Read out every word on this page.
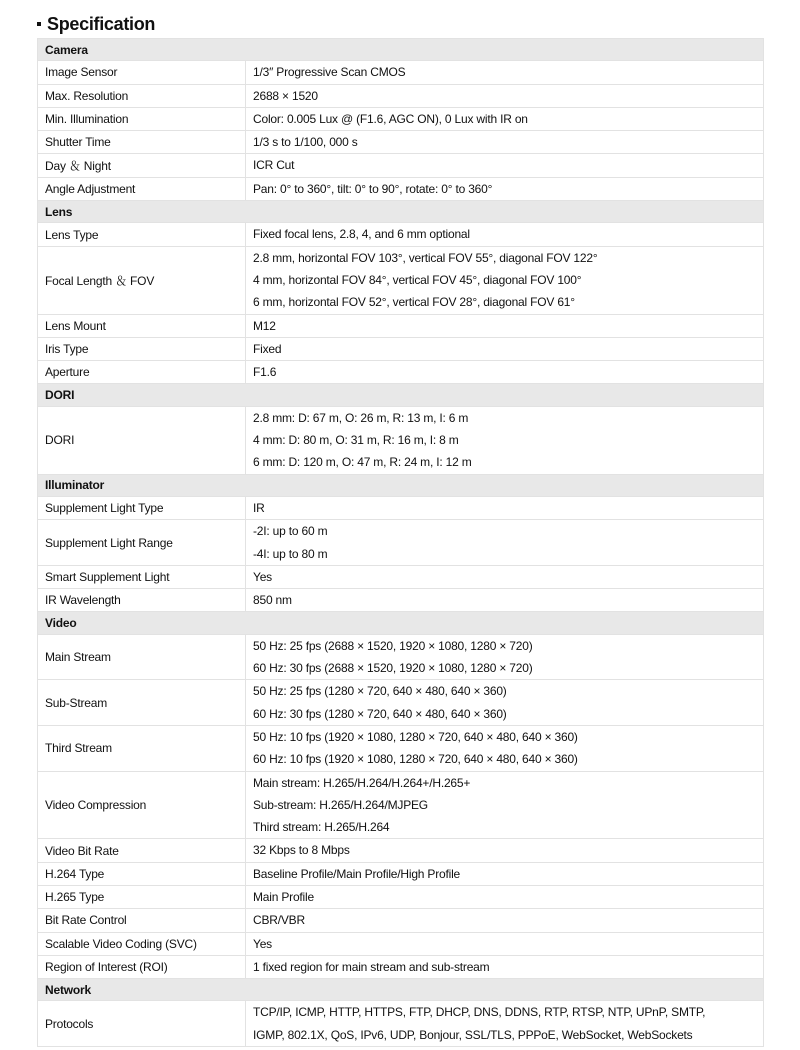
Specification
Camera	
Image Sensor	1/3″ Progressive Scan CMOS

Max. Resolution	2688 × 1520

Min. Illumination	Color: 0.005 Lux @ (F1.6, AGC ON), 0 Lux with IR on

Shutter Time	1/3 s to 1/100, 000 s

Day ＆ Night	ICR Cut

Angle Adjustment	Pan: 0° to 360°, tilt: 0° to 90°, rotate: 0° to 360°

Lens	
Lens Type	Fixed focal lens, 2.8, 4, and 6 mm optional

Focal Length ＆ FOV	2.8 mm, horizontal FOV 103°, vertical FOV 55°, diagonal FOV 122°
4 mm, horizontal FOV 84°, vertical FOV 45°, diagonal FOV 100°
6 mm, horizontal FOV 52°, vertical FOV 28°, diagonal FOV 61°

Lens Mount	M12

Iris Type	Fixed

Aperture	F1.6

DORI	
DORI	2.8 mm: D: 67 m, O: 26 m, R: 13 m, I: 6 m
4 mm: D: 80 m, O: 31 m, R: 16 m, I: 8 m
6 mm: D: 120 m, O: 47 m, R: 24 m, I: 12 m

Illuminator	
Supplement Light Type	IR

Supplement Light Range	-2I: up to 60 m
-4I: up to 80 m

Smart Supplement Light	Yes

IR Wavelength	850 nm

Video	
Main Stream	50 Hz: 25 fps (2688 × 1520, 1920 × 1080, 1280 × 720)
60 Hz: 30 fps (2688 × 1520, 1920 × 1080, 1280 × 720)

Sub-Stream	50 Hz: 25 fps (1280 × 720, 640 × 480, 640 × 360)
60 Hz: 30 fps (1280 × 720, 640 × 480, 640 × 360)

Third Stream	50 Hz: 10 fps (1920 × 1080, 1280 × 720, 640 × 480, 640 × 360)
60 Hz: 10 fps (1920 × 1080, 1280 × 720, 640 × 480, 640 × 360)

Video Compression	Main stream: H.265/H.264/H.264+/H.265+
Sub-stream: H.265/H.264/MJPEG
Third stream: H.265/H.264

Video Bit Rate	32 Kbps to 8 Mbps

H.264 Type	Baseline Profile/Main Profile/High Profile

H.265 Type	Main Profile

Bit Rate Control	CBR/VBR

Scalable Video Coding (SVC)	Yes

Region of Interest (ROI)	1 fixed region for main stream and sub-stream

Network	
Protocols	TCP/IP, ICMP, HTTP, HTTPS, FTP, DHCP, DNS, DDNS, RTP, RTSP, NTP, UPnP, SMTP,
IGMP, 802.1X, QoS, IPv6, UDP, Bonjour, SSL/TLS, PPPoE, WebSocket, WebSockets
